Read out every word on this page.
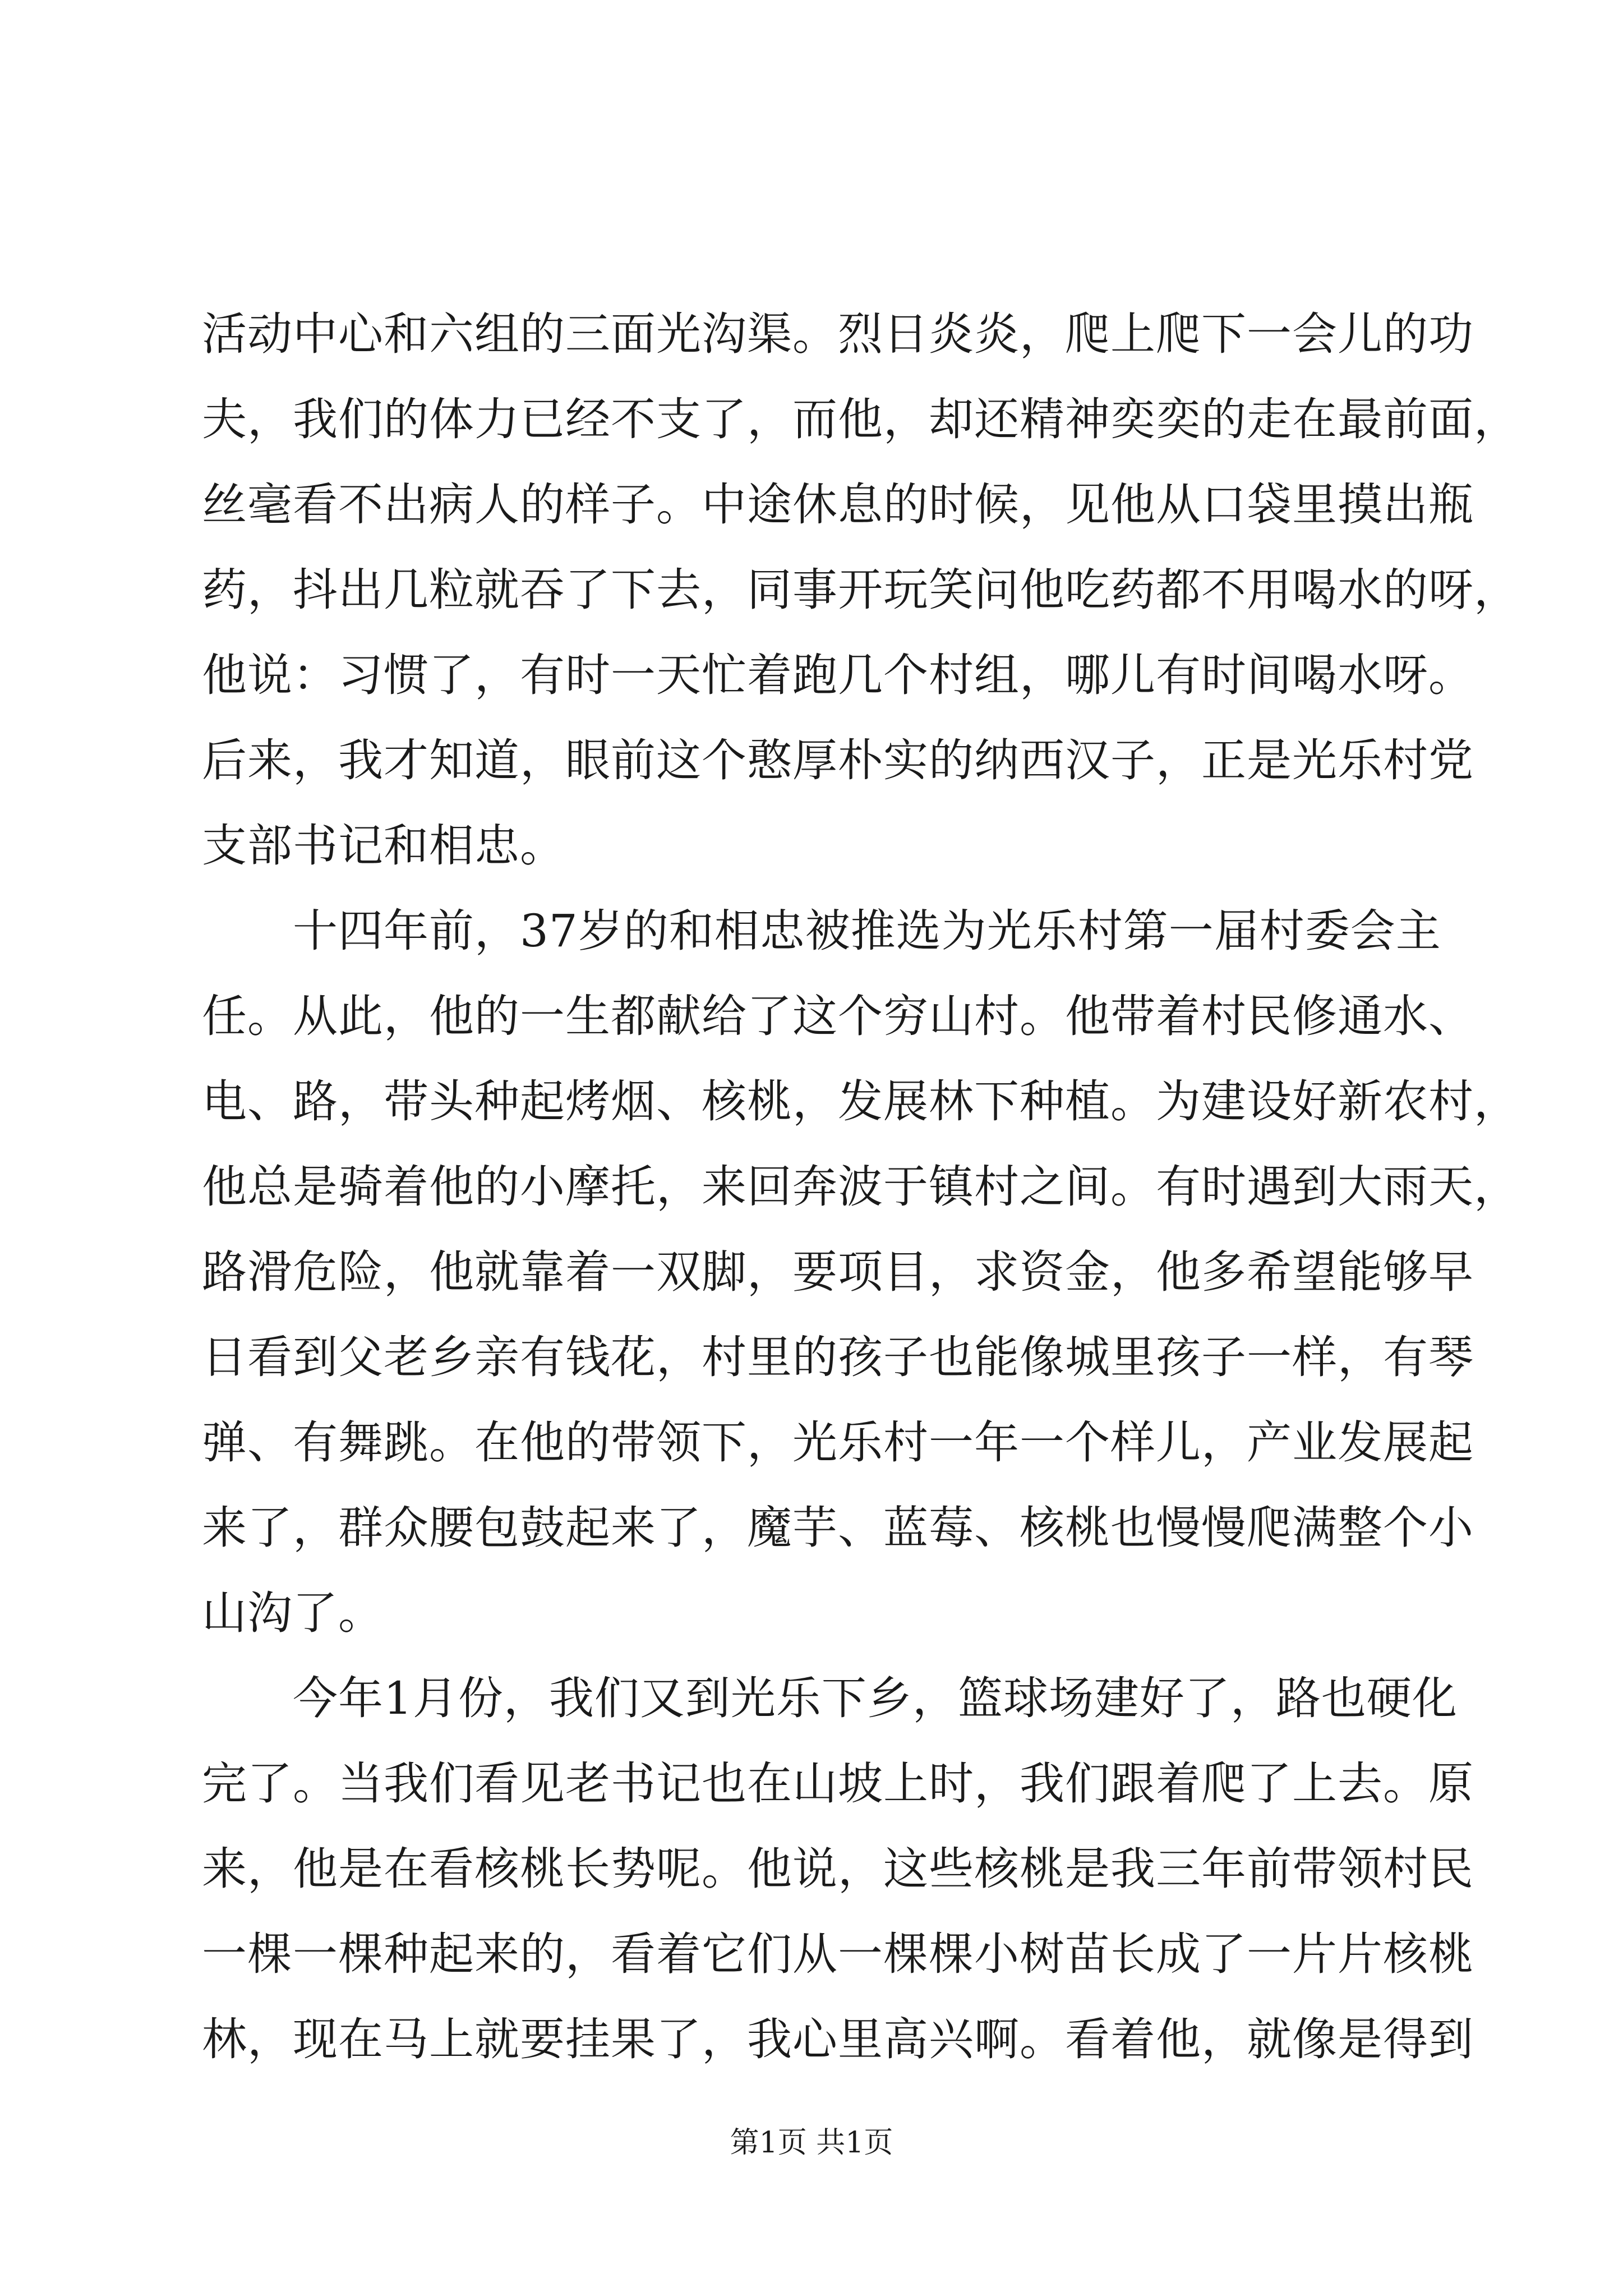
活动中心和六组的三面光沟渠。烈日炎炎，爬上爬下一会儿的功
夫，我们的体力已经不支了，而他，却还精神奕奕的走在最前面，
丝毫看不出病人的样子。中途休息的时候，见他从口袋里摸出瓶
药，抖出几粒就吞了下去，同事开玩笑问他吃药都不用喝水的呀，
他说：习惯了，有时一天忙着跑几个村组，哪儿有时间喝水呀。
后来，我才知道，眼前这个憨厚朴实的纳西汉子，正是光乐村党
支部书记和相忠。

　　十四年前，37岁的和相忠被推选为光乐村第一届村委会主
任。从此，他的一生都献给了这个穷山村。他带着村民修通水、
电、路，带头种起烤烟、核桃，发展林下种植。为建设好新农村，
他总是骑着他的小摩托，来回奔波于镇村之间。有时遇到大雨天，
路滑危险，他就靠着一双脚，要项目，求资金，他多希望能够早
日看到父老乡亲有钱花，村里的孩子也能像城里孩子一样，有琴
弹、有舞跳。在他的带领下，光乐村一年一个样儿，产业发展起
来了，群众腰包鼓起来了，魔芋、蓝莓、核桃也慢慢爬满整个小
山沟了。

　　今年1月份，我们又到光乐下乡，篮球场建好了，路也硬化
完了。当我们看见老书记也在山坡上时，我们跟着爬了上去。原
来，他是在看核桃长势呢。他说，这些核桃是我三年前带领村民
一棵一棵种起来的，看着它们从一棵棵小树苗长成了一片片核桃
林，现在马上就要挂果了，我心里高兴啊。看着他，就像是得到

第1页 共1页
